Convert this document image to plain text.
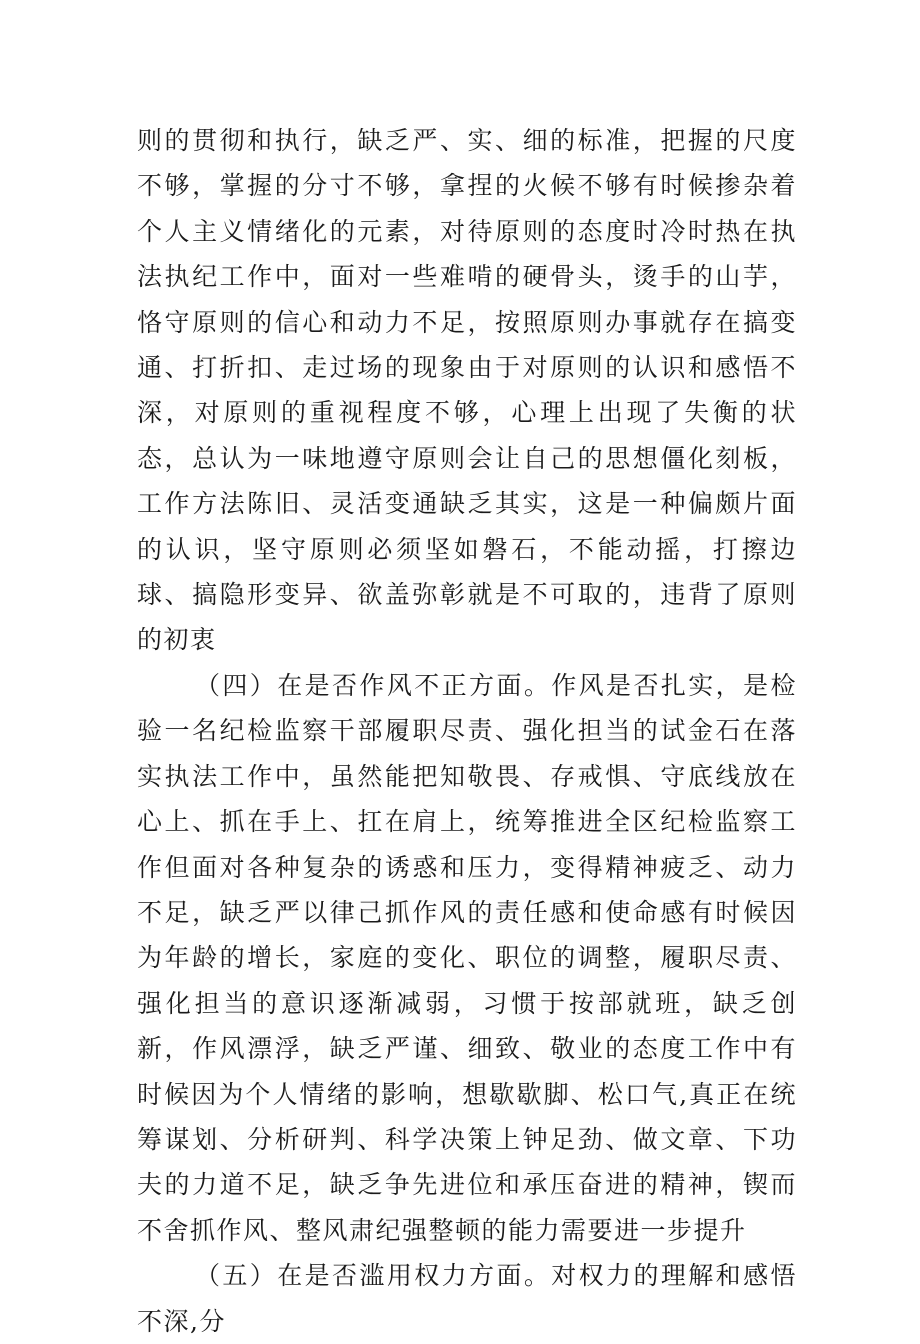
则的贯彻和执行，缺乏严、实、细的标准，把握的尺度不够，掌握的分寸不够，拿捏的火候不够有时候掺杂着个人主义情绪化的元素，对待原则的态度时冷时热在执法执纪工作中，面对一些难啃的硬骨头，烫手的山芋，恪守原则的信心和动力不足，按照原则办事就存在搞变通、打折扣、走过场的现象由于对原则的认识和感悟不深，对原则的重视程度不够，心理上出现了失衡的状态，总认为一味地遵守原则会让自己的思想僵化刻板，工作方法陈旧、灵活变通缺乏其实，这是一种偏颇片面的认识，坚守原则必须坚如磐石，不能动摇，打擦边球、搞隐形变异、欲盖弥彰就是不可取的，违背了原则的初衷

（四）在是否作风不正方面。作风是否扎实，是检验一名纪检监察干部履职尽责、强化担当的试金石在落实执法工作中，虽然能把知敬畏、存戒惧、守底线放在心上、抓在手上、扛在肩上，统筹推进全区纪检监察工作但面对各种复杂的诱惑和压力，变得精神疲乏、动力不足，缺乏严以律己抓作风的责任感和使命感有时候因为年龄的增长，家庭的变化、职位的调整，履职尽责、强化担当的意识逐渐减弱，习惯于按部就班，缺乏创新，作风漂浮，缺乏严谨、细致、敬业的态度工作中有时候因为个人情绪的影响，想歇歇脚、松口气,真正在统筹谋划、分析研判、科学决策上钟足劲、做文章、下功夫的力道不足，缺乏争先进位和承压奋进的精神，锲而不舍抓作风、整风肃纪强整顿的能力需要进一步提升

（五）在是否滥用权力方面。对权力的理解和感悟不深,分
